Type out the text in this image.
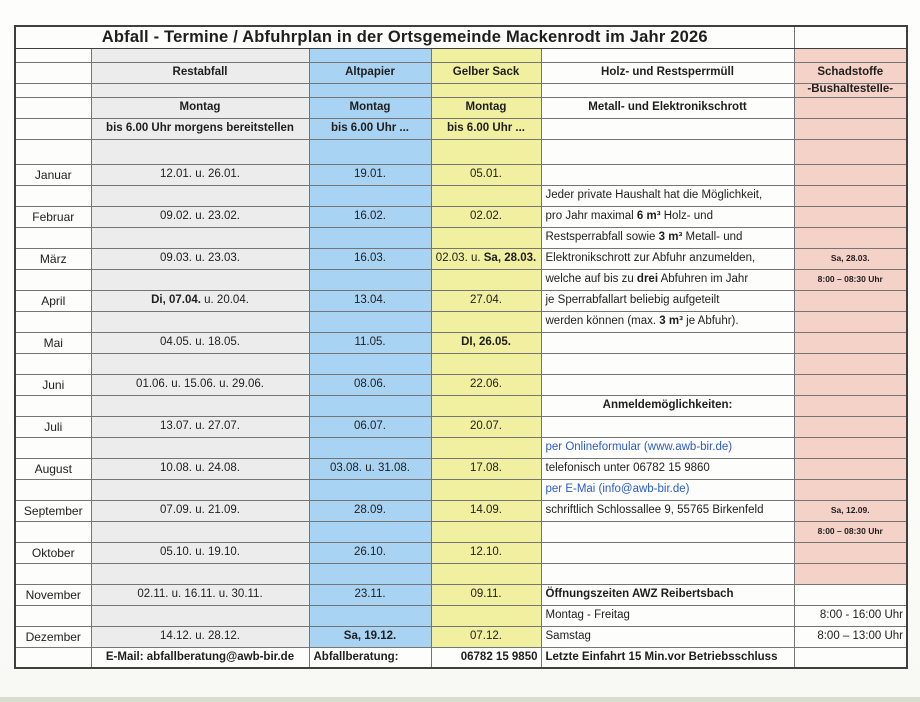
Abfall - Termine / Abfuhrplan in der Ortsgemeinde Mackenrodt im Jahr 2026					

	Restabfall	Altpapier	Gelber Sack	Holz- und Restsperrmüll	Schadstoffe
					-Bushaltestelle-
	Montag	Montag	Montag	Metall- und Elektronikschrott	
	bis 6.00 Uhr morgens bereitstellen	bis 6.00 Uhr ...	bis 6.00 Uhr ...		

Januar	12.01. u. 26.01.	19.01.	05.01.		
				Jeder private Haushalt hat die Möglichkeit,	
Februar	09.02. u. 23.02.	16.02.	02.02.	pro Jahr maximal 6 m³ Holz- und	
				Restsperrabfall sowie 3 m³ Metall- und	
März	09.03. u. 23.03.	16.03.	02.03. u. Sa, 28.03.	Elektronikschrott zur Abfuhr anzumelden,	Sa, 28.03.
				welche auf bis zu drei Abfuhren im Jahr	8:00 – 08:30 Uhr
April	Di, 07.04. u. 20.04.	13.04.	27.04.	je Sperrabfallart beliebig aufgeteilt	
				werden können (max. 3 m³ je Abfuhr).	
Mai	04.05. u. 18.05.	11.05.	DI, 26.05.		

Juni	01.06. u. 15.06. u. 29.06.	08.06.	22.06.		
				Anmeldemöglichkeiten:	
Juli	13.07. u. 27.07.	06.07.	20.07.		
				per Onlineformular (www.awb-bir.de)	
August	10.08. u. 24.08.	03.08. u. 31.08.	17.08.	telefonisch unter 06782 15 9860	
				per E-Mai (info@awb-bir.de)	
September	07.09. u. 21.09.	28.09.	14.09.	schriftlich Schlossallee 9, 55765 Birkenfeld	Sa, 12.09.
					8:00 – 08:30 Uhr
Oktober	05.10. u. 19.10.	26.10.	12.10.		

November	02.11. u. 16.11. u. 30.11.	23.11.	09.11.	Öffnungszeiten AWZ Reibertsbach	
				Montag - Freitag	8:00 - 16:00 Uhr
Dezember	14.12. u. 28.12.	Sa, 19.12.	07.12.	Samstag	8:00 – 13:00 Uhr
	E-Mail: abfallberatung@awb-bir.de	Abfallberatung:	06782 15 9850	Letzte Einfahrt 15 Min.vor Betriebsschluss	
